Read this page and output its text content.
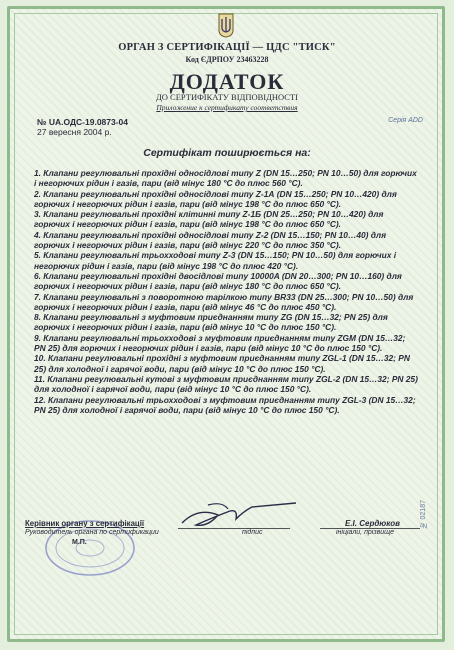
ОРГАН З СЕРТИФІКАЦІЇ — ЦДС "ТИСК"
Код ЄДРПОУ 23463228
ДОДАТОК
ДО СЕРТИФІКАТУ ВІДПОВІДНОСТІ
Приложение к сертификату соответствия
№ UA.ОДС-19.0873-04
27 вересня 2004 р.
Серія ADD
Сертифікат поширюється на:
1. Клапани регулювальні прохідні односідлові типу Z (DN 15…250; PN 10…50) для горючих і негорючих рідин і газів, пари (від мінус 180 °С до плюс 560 °С).
2. Клапани регулювальні прохідні односідлові типу Z-1А (DN 15…250; PN 10…420) для горючих і негорючих рідин і газів, пари (від мінус 198 °С до плюс 650 °С).
3. Клапани регулювальні прохідні клітинні типу Z-1Б (DN 25…250; PN 10…420) для горючих і негорючих рідин і газів, пари (від мінус 198 °С до плюс 650 °С).
4. Клапани регулювальні прохідні односідлові типу Z-2 (DN 15…150; PN 10…40) для горючих і негорючих рідин і газів, пари (від мінус 220 °С до плюс 350 °С).
5. Клапани регулювальні трьохходові типу Z-3 (DN 15…150; PN 10…50) для горючих і негорючих рідин і газів, пари (від мінус 198 °С до плюс 420 °С).
6. Клапани регулювальні прохідні двосідлові типу 10000A (DN 20…300; PN 10…160) для горючих і негорючих рідин і газів, пари (від мінус 180 °С до плюс 650 °С).
7. Клапани регулювальні з поворотною тарілкою типу BR33 (DN 25…300; PN 10…50) для горючих і негорючих рідин і газів, пари (від мінус 46 °С до плюс 450 °С).
8. Клапани регулювальні з муфтовим приєднанням типу ZG (DN 15…32; PN 25) для горючих і негорючих рідин і газів, пари (від мінус 10 °С до плюс 150 °С).
9. Клапани регулювальні трьохходові з муфтовим приєднанням типу ZGM (DN 15…32; PN 25) для горючих і негорючих рідин і газів, пари (від мінус 10 °С до плюс 150 °С).
10. Клапани регулювальні прохідні з муфтовим приєднанням типу ZGL-1 (DN 15…32; PN 25) для холодної і гарячої води, пари (від мінус 10 °С до плюс 150 °С).
11. Клапани регулювальні кутові з муфтовим приєднанням типу ZGL-2 (DN 15…32; PN 25) для холодної і гарячої води, пари (від мінус 10 °С до плюс 150 °С).
12. Клапани регулювальні трьохходові з муфтовим приєднанням типу ZGL-3 (DN 15…32; PN 25) для холодної і гарячої води, пари (від мінус 10 °С до плюс 150 °С).
Керівник органу з сертифікації
Руководитель органа по сертификации
М.П.
підпис
Е.І. Сердюков
ініціали, прізвище
№ 02187
